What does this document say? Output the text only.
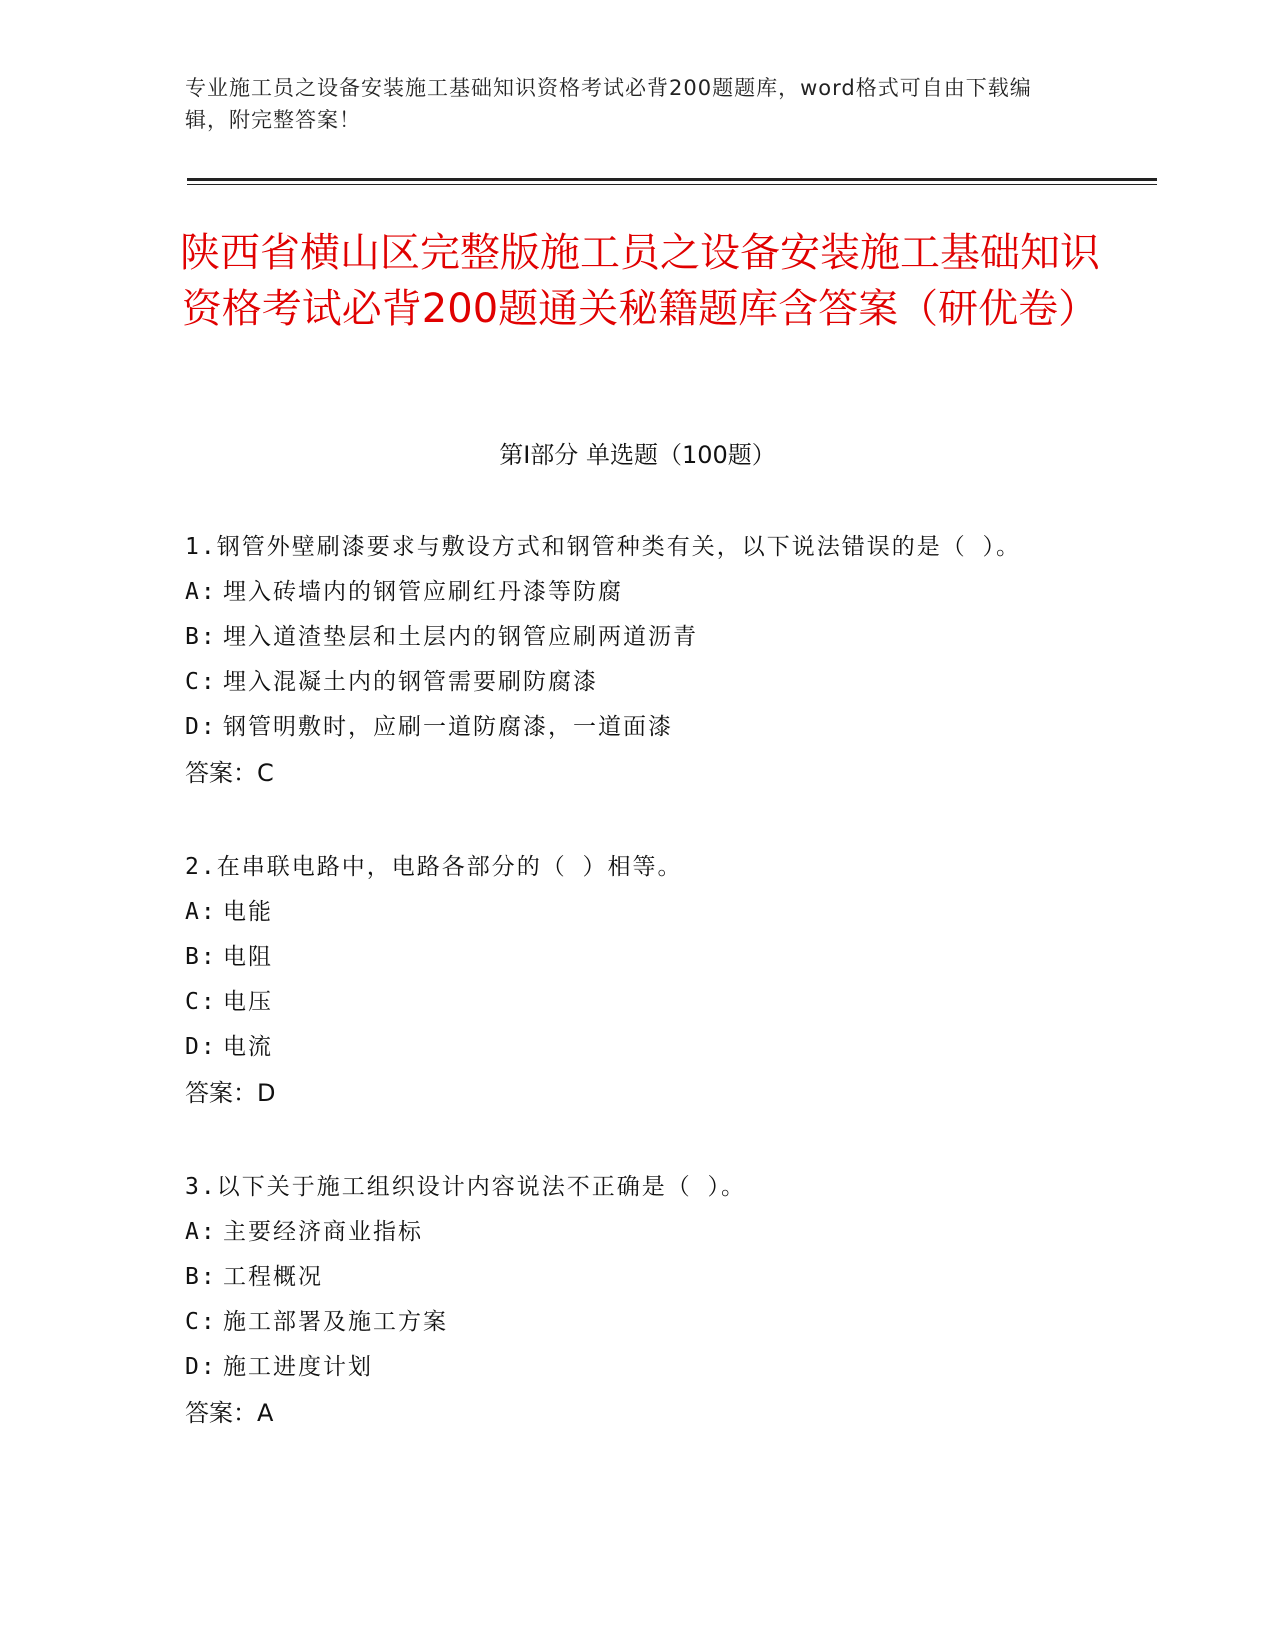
专业施工员之设备安装施工基础知识资格考试必背200题题库，word格式可自由下载编辑，附完整答案！
陕西省横山区完整版施工员之设备安装施工基础知识资格考试必背200题通关秘籍题库含答案（研优卷）
第Ⅰ部分 单选题（100题）

1.钢管外壁刷漆要求与敷设方式和钢管种类有关，以下说法错误的是（ ）。

A: 埋入砖墙内的钢管应刷红丹漆等防腐

B: 埋入道渣垫层和土层内的钢管应刷两道沥青

C: 埋入混凝土内的钢管需要刷防腐漆

D: 钢管明敷时，应刷一道防腐漆，一道面漆

答案：C

2.在串联电路中，电路各部分的（ ）相等。

A: 电能

B: 电阻

C: 电压

D: 电流

答案：D

3.以下关于施工组织设计内容说法不正确是（ ）。

A: 主要经济商业指标

B: 工程概况

C: 施工部署及施工方案

D: 施工进度计划

答案：A
